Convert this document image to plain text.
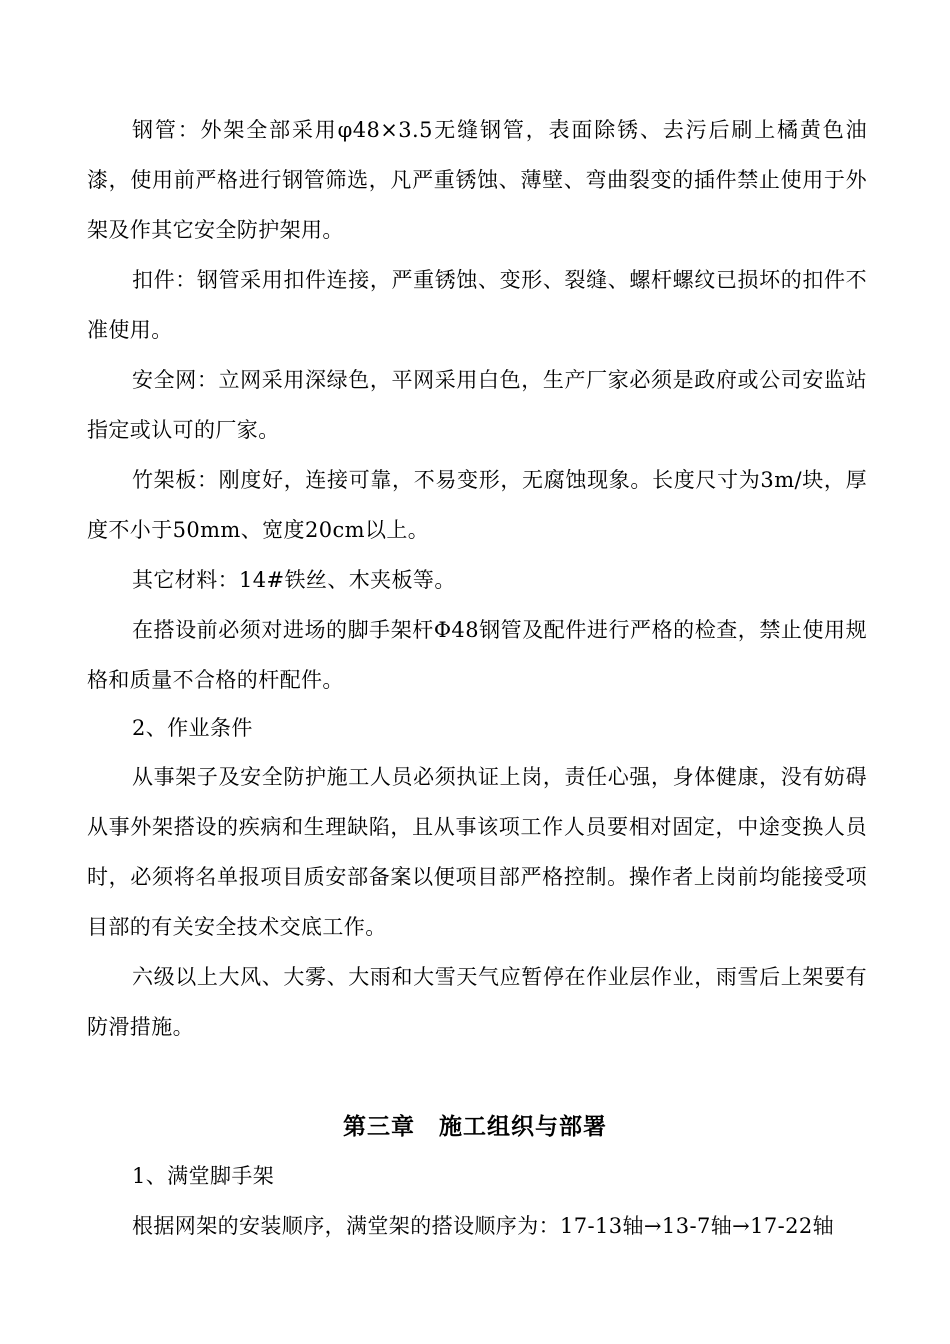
钢管：外架全部采用φ48×3.5无缝钢管，表面除锈、去污后刷上橘黄色油漆，使用前严格进行钢管筛选，凡严重锈蚀、薄壁、弯曲裂变的插件禁止使用于外架及作其它安全防护架用。

扣件：钢管采用扣件连接，严重锈蚀、变形、裂缝、螺杆螺纹已损坏的扣件不准使用。

安全网：立网采用深绿色，平网采用白色，生产厂家必须是政府或公司安监站指定或认可的厂家。

竹架板：刚度好，连接可靠，不易变形，无腐蚀现象。长度尺寸为3m/块，厚度不小于50mm、宽度20cm以上。

其它材料：14#铁丝、木夹板等。

在搭设前必须对进场的脚手架杆Φ48钢管及配件进行严格的检查，禁止使用规格和质量不合格的杆配件。

2、作业条件

从事架子及安全防护施工人员必须执证上岗，责任心强，身体健康，没有妨碍从事外架搭设的疾病和生理缺陷，且从事该项工作人员要相对固定，中途变换人员时，必须将名单报项目质安部备案以便项目部严格控制。操作者上岗前均能接受项目部的有关安全技术交底工作。

六级以上大风、大雾、大雨和大雪天气应暂停在作业层作业，雨雪后上架要有防滑措施。

第三章　施工组织与部署

1、满堂脚手架

根据网架的安装顺序，满堂架的搭设顺序为：17-13轴→13-7轴→17-22轴
